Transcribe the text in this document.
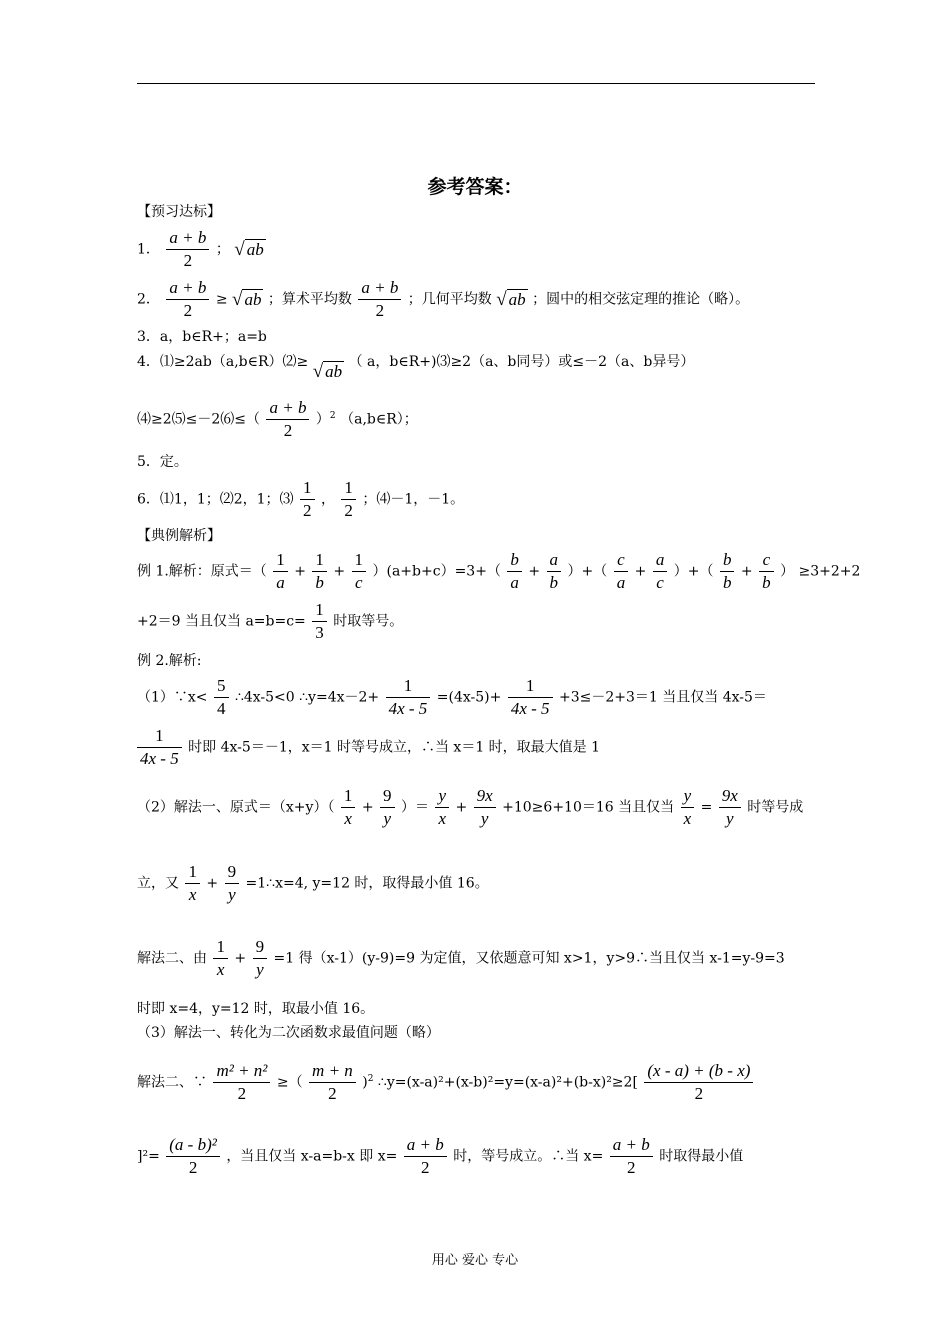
参考答案：
【预习达标】
1． $\frac{a + b}{2}$ ； √ ab
2． $\frac{a + b}{2}$ ≥ √ ab ；算术平均数 $\frac{a + b}{2}$ ；几何平均数 √ ab ；圆中的相交弦定理的推论（略）。
3．a，b∈R+；a=b
4．⑴≥2ab（a,b∈R）⑵≥ √ ab （ a，b∈R+)⑶≥2（a、b同号）或≤－2（a、b异号）
⑷≥2⑸≤－2⑹≤（ $\frac{a + b}{2} )^2$ （a,b∈R）；
5．定。
6．⑴1，1；⑵2，1；⑶ $\frac{1}{2}$ ， $\frac{1}{2}$ ；⑷－1，－1。
【典例解析】
例 1.解析：原式＝（ $\frac{1}{a} + \frac{1}{b} + \frac{1}{c} )(a+b+c)=3+( \frac{b}{a} + \frac{a}{b}$ ）+（ $\frac{c}{a} + \frac{a}{c}$ ）+（ $\frac{b}{b} + \frac{c}{b}$ ） ≥3+2+2
+2＝9 当且仅当 $a=b=c= \frac{1}{3}$ 时取等号。
例 2.解析:
（1）∵x< $\frac{5}{4}$ ∴4x-5<0 ∴y=4x－2+ $\frac{1}{4x - 5} =(4x-5)+ \frac{1}{4x - 5} +3\le-2+3=1$ 当且仅当 4x-5＝
$\frac{1}{4x - 5}$ 时即 4x-5＝－1，x＝1 时等号成立，∴当 x＝1 时，取最大值是 1
（2）解法一、原式$=(x+y)( \frac{1}{x} + \frac{9}{y}$ ）＝ $\frac{y}{x} + \frac{9x}{y} +10\ge 6+10=16$ 当且仅当 $\frac{y}{x} = \frac{9x}{y}$ 时等号成
立，又 $\frac{1}{x} + \frac{9}{y}$ =1∴x=4, y=12 时，取得最小值 16。
解法二、由 $\frac{1}{x} + \frac{9}{y} =1$ 得（x-1）(y-9)=9 为定值，又依题意可知 x>1，y>9∴当且仅当 x-1=y-9=3
时即 x=4，y=12 时，取最小值 16。
（3）解法一、转化为二次函数求最值问题（略）
解法二、∵ $\frac{\text{m² + n²}}{2}$ ≥（ $\frac{m + n}{2} )^2$ ∴y=(x-a)²+(x-b)²=y=(x-a)²+(b-x)²≥2[ $\frac{(x - a) + (b - x)}{2}$
]$^2= \frac{\text{(a - b)²}}{2}$ ，当且仅当 x-a=b-x 即 $x= \frac{a + b}{2}$ 时，等号成立。∴当 $x= \frac{a + b}{2}$ 时取得最小值
用心 爱心 专心
